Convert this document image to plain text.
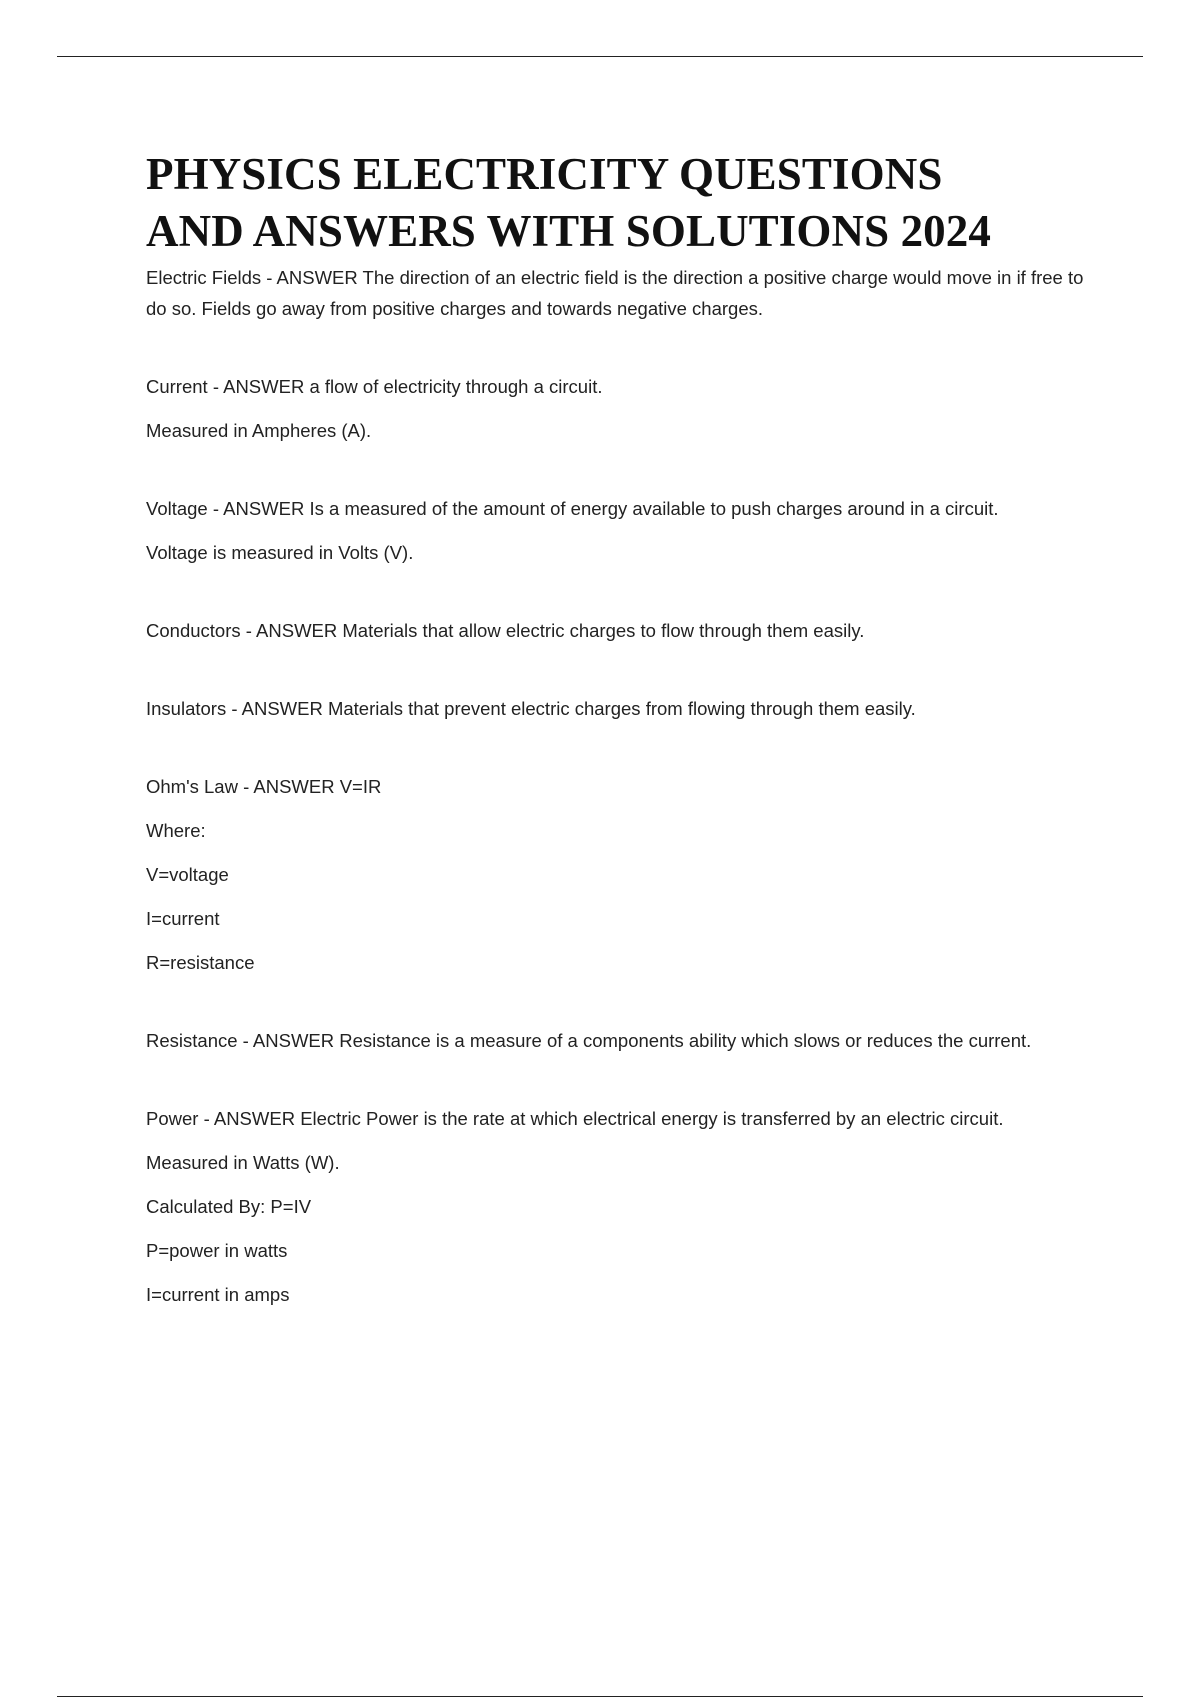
PHYSICS ELECTRICITY QUESTIONS
AND ANSWERS WITH SOLUTIONS 2024

Electric Fields - ANSWER The direction of an electric field is the direction a positive charge would move in if free to do so. Fields go away from positive charges and towards negative charges.

Current - ANSWER a flow of electricity through a circuit.

Measured in Ampheres (A).

Voltage - ANSWER Is a measured of the amount of energy available to push charges around in a circuit.

Voltage is measured in Volts (V).

Conductors - ANSWER Materials that allow electric charges to flow through them easily.

Insulators - ANSWER Materials that prevent electric charges from flowing through them easily.

Ohm's Law - ANSWER V=IR

Where:

V=voltage

I=current

R=resistance

Resistance - ANSWER Resistance is a measure of a components ability which slows or reduces the current.

Power - ANSWER Electric Power is the rate at which electrical energy is transferred by an electric circuit.

Measured in Watts (W).

Calculated By: P=IV

P=power in watts

I=current in amps
